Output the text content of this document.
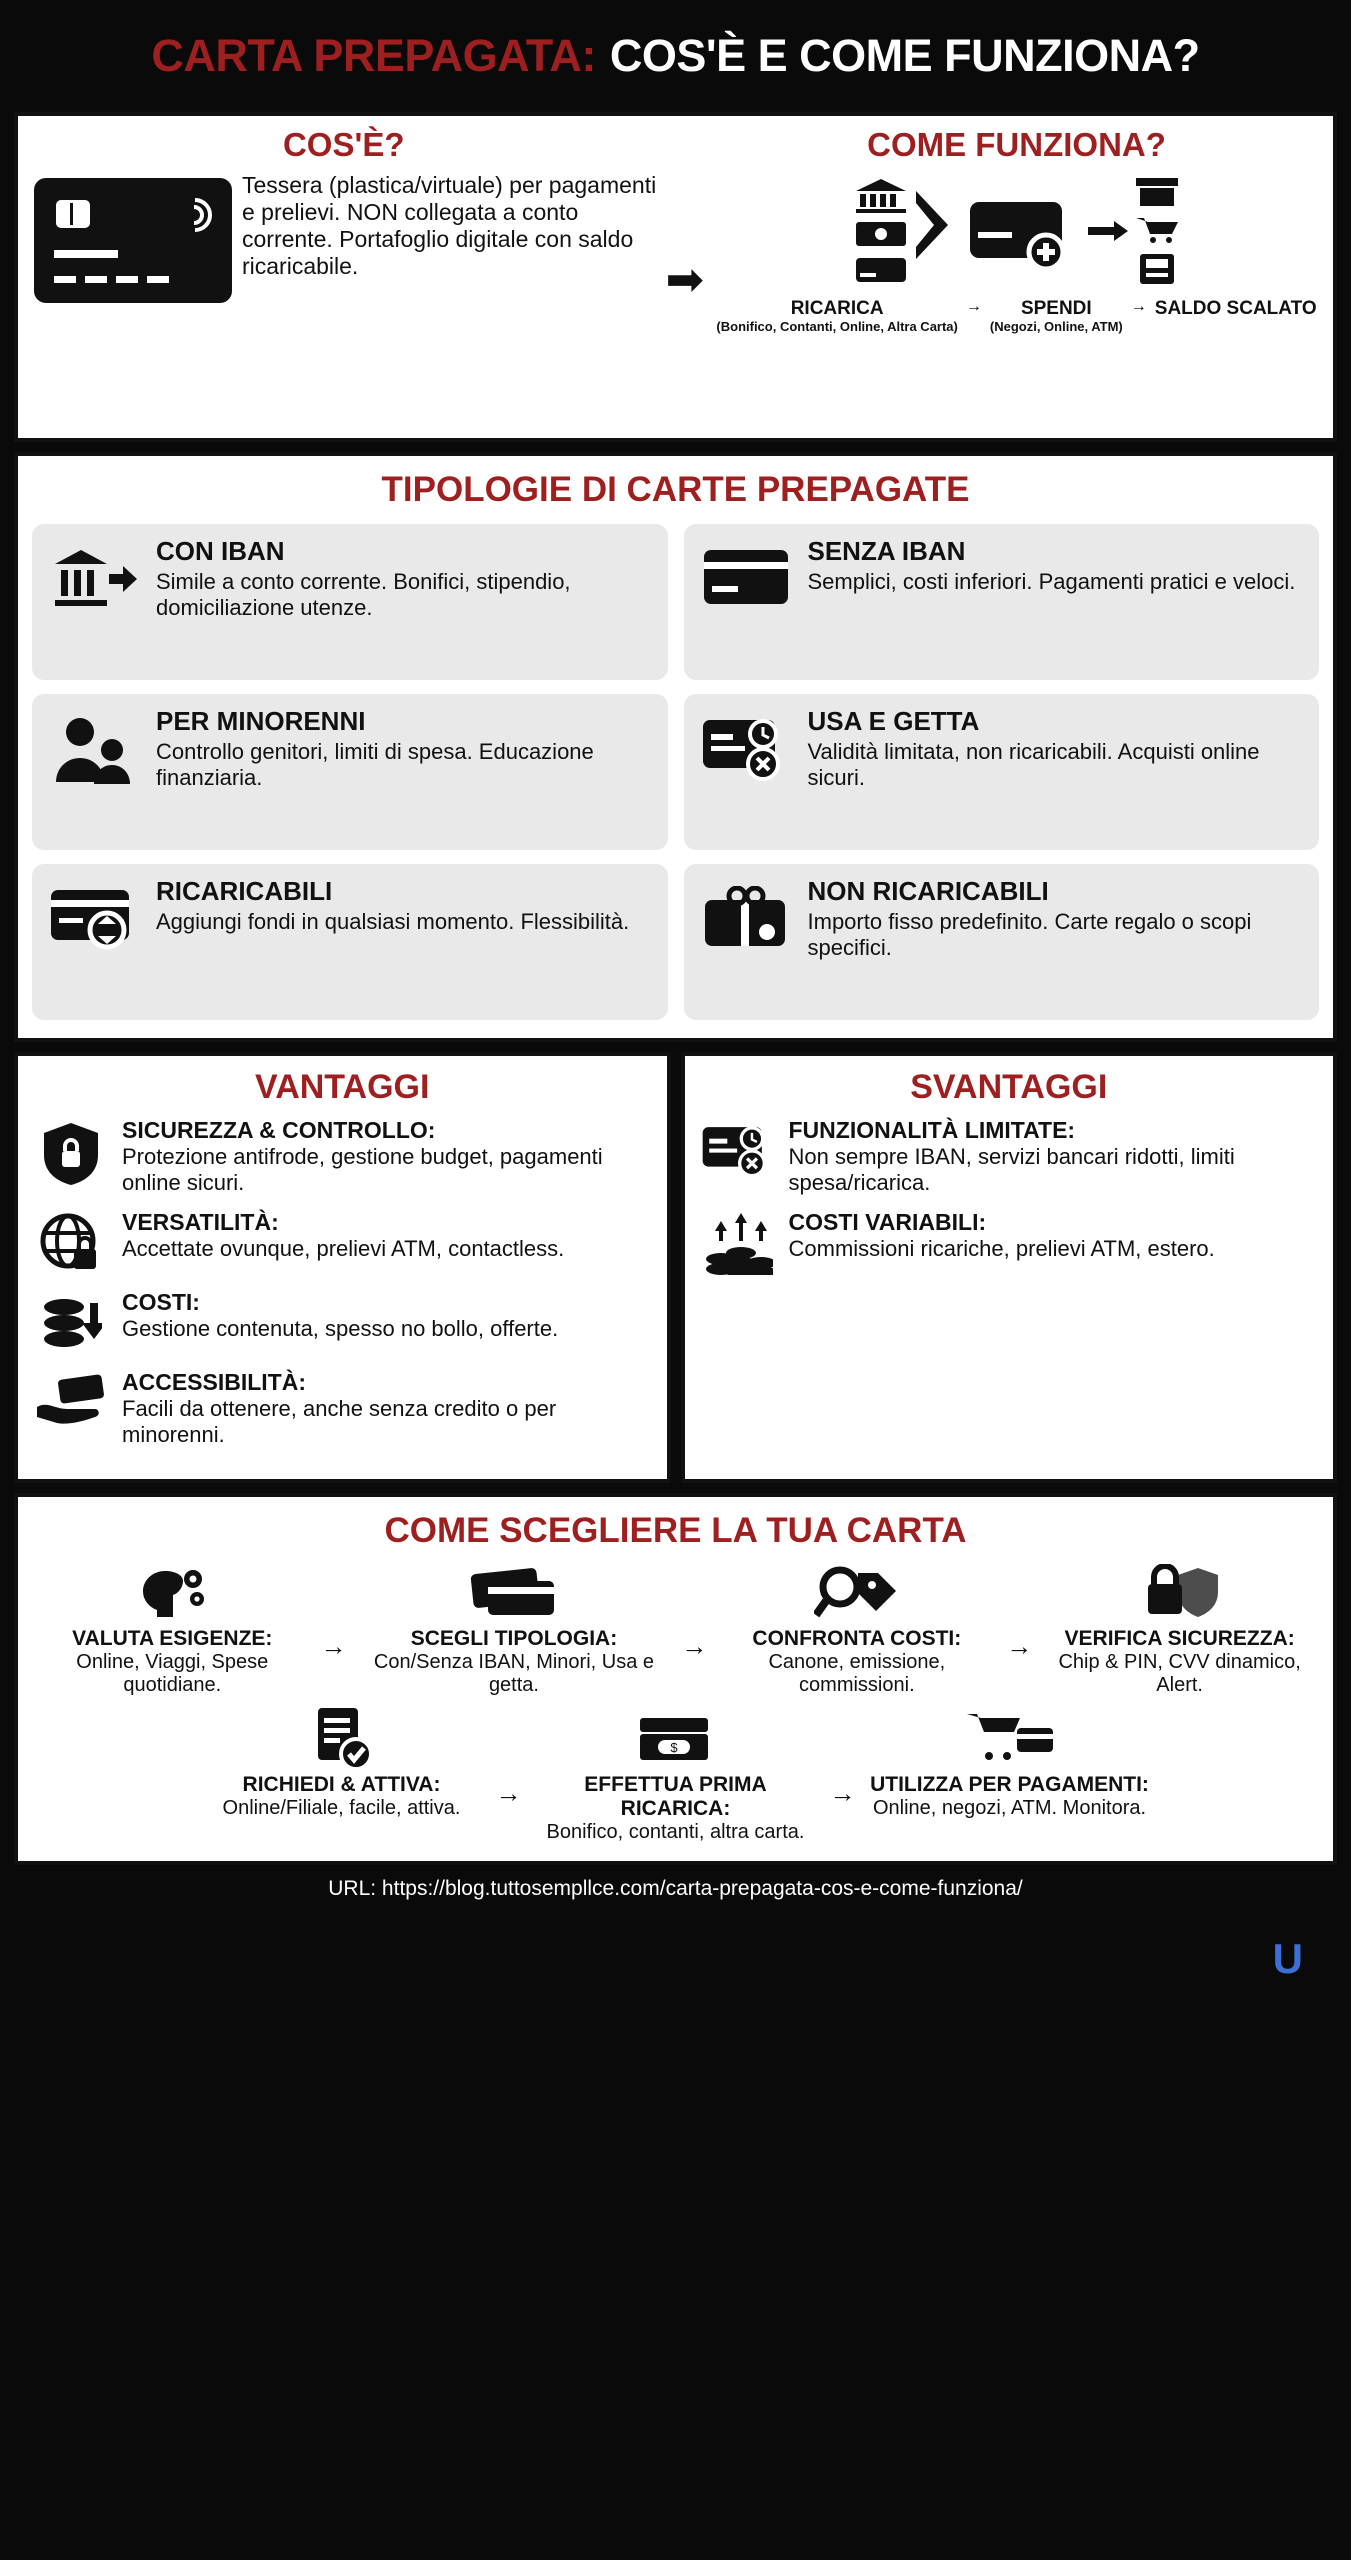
CARTA PREPAGATA: COS'È E COME FUNZIONA?
COS'È?
Tessera (plastica/virtuale) per pagamenti e prelievi. NON collegata a conto corrente. Portafoglio digitale con saldo ricaricabile.	➡
COME FUNZIONA?
RICARICA
(Bonifico, Contanti, Online, Altra Carta)
→	SPENDI
(Negozi, Online, ATM)
→ SALDO SCALATO
TIPOLOGIE DI CARTE PREPAGATE
CON IBAN

Simile a conto corrente. Bonifici, stipendio, domiciliazione utenze.

SENZA IBAN

Semplici, costi inferiori. Pagamenti pratici e veloci.

PER MINORENNI

Controllo genitori, limiti di spesa. Educazione finanziaria.

USA E GETTA

Validità limitata, non ricaricabili. Acquisti online sicuri.

RICARICABILI

Aggiungi fondi in qualsiasi momento. Flessibilità.

NON RICARICABILI

Importo fisso predefinito. Carte regalo o scopi specifici.

VANTAGGI
SICUREZZA & CONTROLLO:

Protezione antifrode, gestione budget, pagamenti online sicuri.

VERSATILITÀ:

Accettate ovunque, prelievi ATM, contactless.

COSTI:

Gestione contenuta, spesso no bollo, offerte.

ACCESSIBILITÀ:

Facili da ottenere, anche senza credito o per minorenni.

SVANTAGGI
FUNZIONALITÀ LIMITATE:

Non sempre IBAN, servizi bancari ridotti, limiti spesa/ricarica.

COSTI VARIABILI:

Commissioni ricariche, prelievi ATM, estero.

COME SCEGLIERE LA TUA CARTA
VALUTA ESIGENZE:
Online, Viaggi, Spese quotidiane.
→	SCEGLI TIPOLOGIA:
Con/Senza IBAN, Minori, Usa e getta.
→	CONFRONTA COSTI:
Canone, emissione, commissioni.
→	VERIFICA SICUREZZA:
Chip & PIN, CVV dinamico, Alert.
RICHIEDI & ATTIVA:
Online/Filiale, facile, attiva.
→
$
EFFETTUA PRIMA RICARICA:
Bonifico, contanti, altra carta.
→ UTILIZZA PER PAGAMENTI:
Online, negozi, ATM. Monitora.
URL: https://blog.tuttosempllce.com/carta-prepagata-cos-e-come-funziona/
U
